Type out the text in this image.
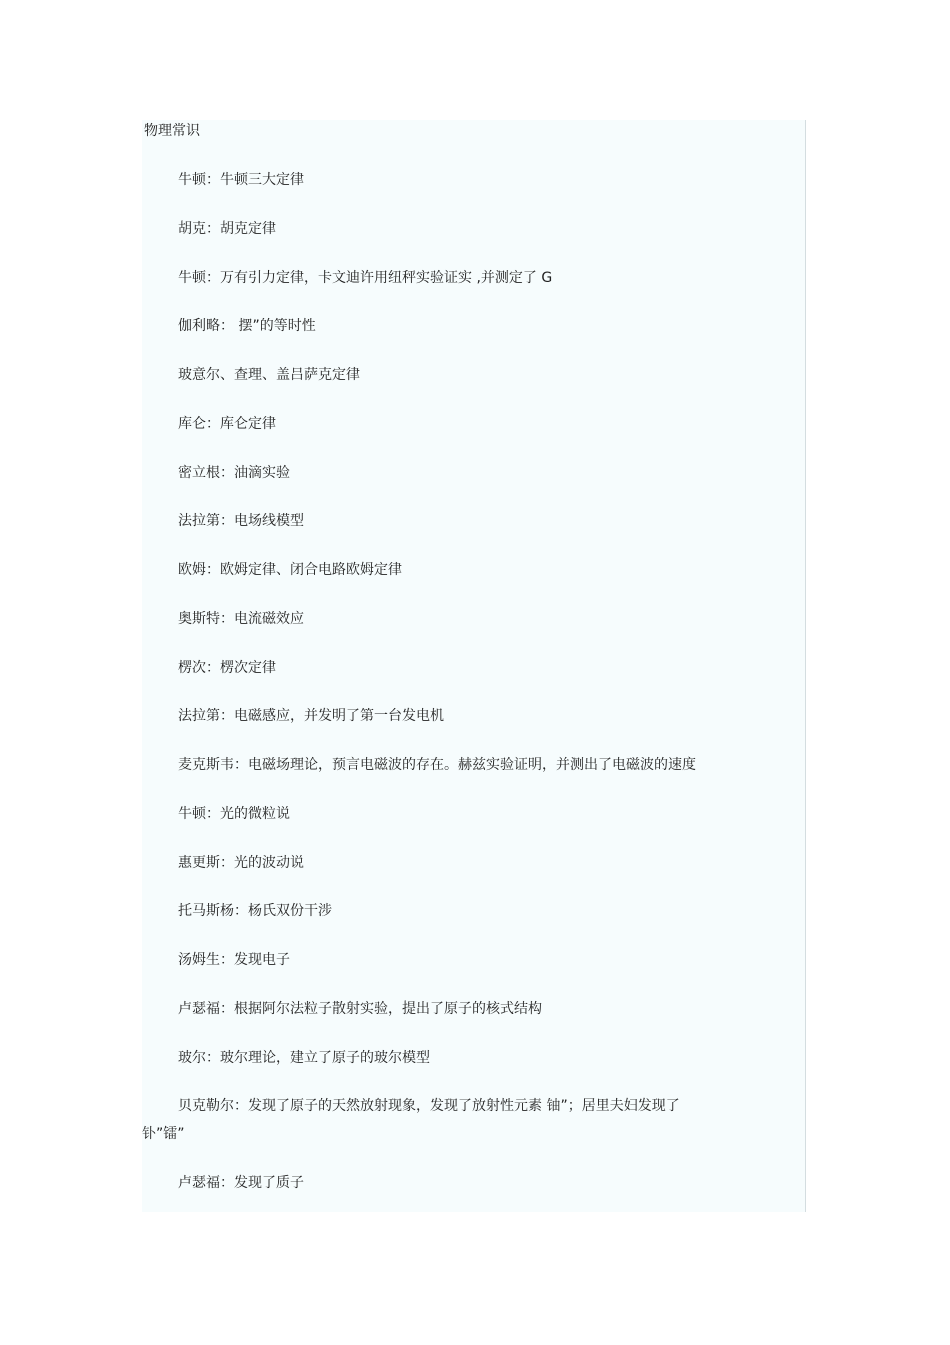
物理常识
牛顿：牛顿三大定律
胡克：胡克定律
牛顿：万有引力定律，卡文迪许用纽秤实验证实 ,并测定了 G
伽利略： 摆”的等时性
玻意尔、查理、盖吕萨克定律
库仑：库仑定律
密立根：油滴实验
法拉第：电场线模型
欧姆：欧姆定律、闭合电路欧姆定律
奥斯特：电流磁效应
楞次：楞次定律
法拉第：电磁感应，并发明了第一台发电机
麦克斯韦：电磁场理论，预言电磁波的存在。赫兹实验证明，并测出了电磁波的速度
牛顿：光的微粒说
惠更斯：光的波动说
托马斯杨：杨氏双份干涉
汤姆生：发现电子
卢瑟福：根据阿尔法粒子散射实验，提出了原子的核式结构
玻尔：玻尔理论，建立了原子的玻尔模型
贝克勒尔：发现了原子的天然放射现象，发现了放射性元素 铀”；居里夫妇发现了
钋”镭”
卢瑟福：发现了质子
